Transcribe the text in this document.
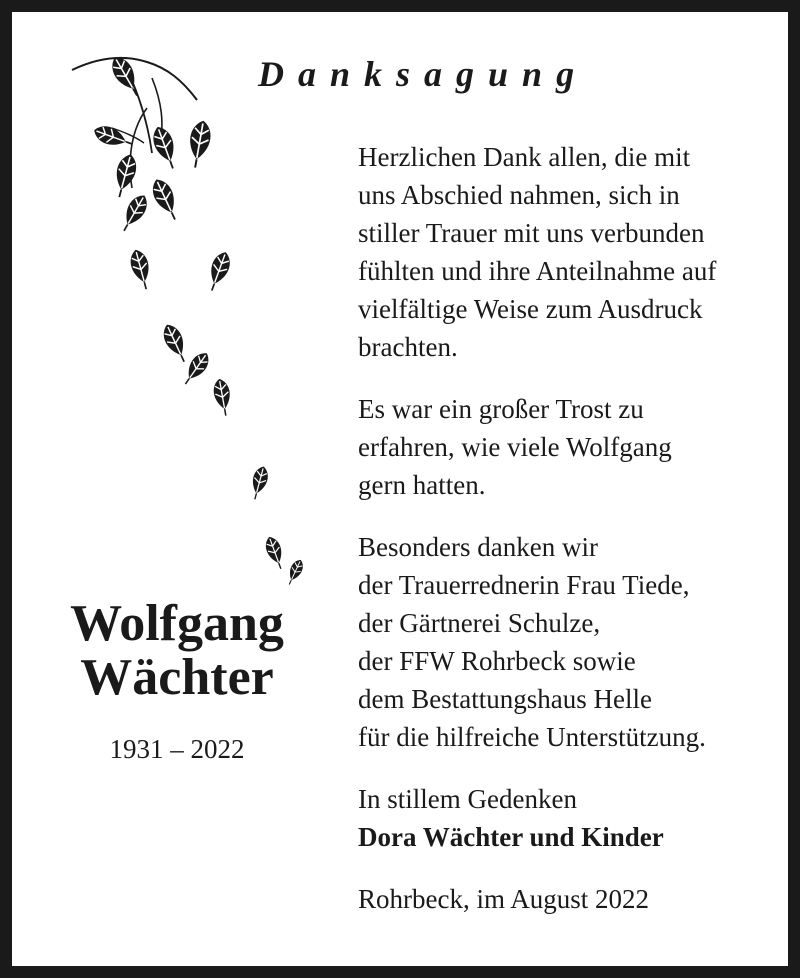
Danksagung
Wolfgang
Wächter
1931 – 2022
Herzlichen Dank allen, die mit
uns Abschied nahmen, sich in
stiller Trauer mit uns verbunden
fühlten und ihre Anteilnahme auf
vielfältige Weise zum Ausdruck
brachten.
Es war ein großer Trost zu
erfahren, wie viele Wolfgang
gern hatten.
Besonders danken wir
der Trauerrednerin Frau Tiede,
der Gärtnerei Schulze,
der FFW Rohrbeck sowie
dem Bestattungshaus Helle
für die hilfreiche Unterstützung.
In stillem Gedenken
Dora Wächter und Kinder
Rohrbeck, im August 2022
